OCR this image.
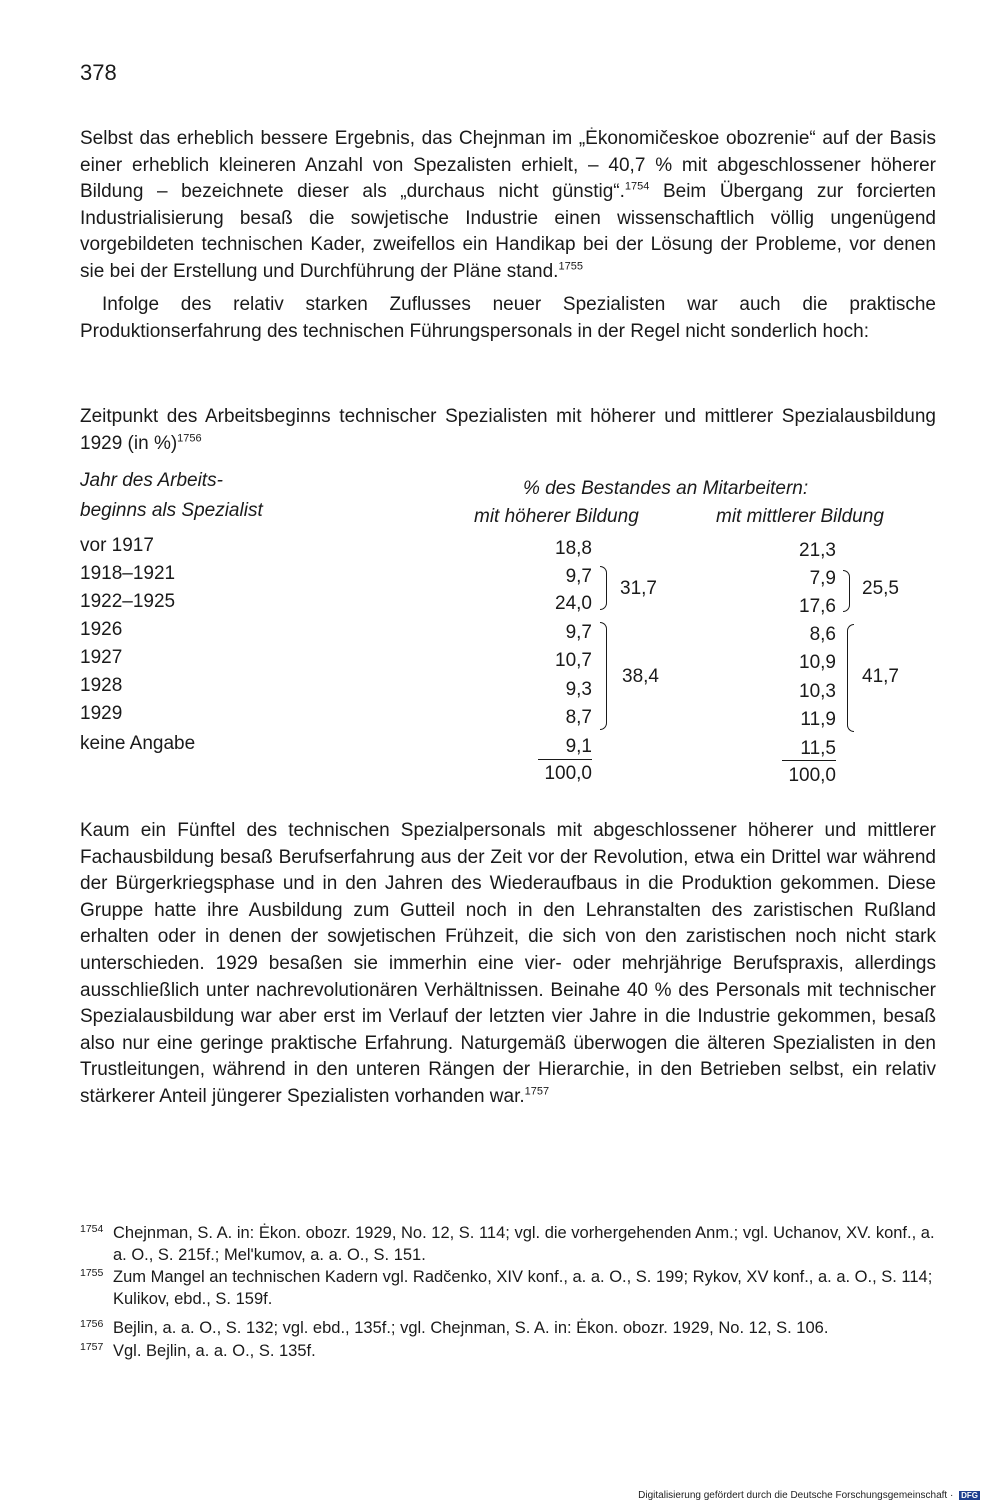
378

Selbst das erheblich bessere Ergebnis, das Chejnman im „Ėkonomičeskoe obozrenie“ auf der Basis einer erheblich kleineren Anzahl von Spezalisten erhielt, – 40,7 % mit abgeschlossener höherer Bildung – bezeichnete dieser als „durchaus nicht günstig“.$^{1754}$ Beim Übergang zur forcierten Industrialisierung besaß die sowjetische Industrie einen wissenschaftlich völlig ungenügend vorgebildeten technischen Kader, zweifellos ein Handikap bei der Lösung der Probleme, vor denen sie bei der Erstellung und Durchführung der Pläne stand.$^{1755}$

Infolge des relativ starken Zuflusses neuer Spezialisten war auch die praktische Produktionserfahrung des technischen Führungspersonals in der Regel nicht sonderlich hoch:

Zeitpunkt des Arbeitsbeginns technischer Spezialisten mit höherer und mittlerer Spezialausbildung 1929 (in %)$^{1756}$

Jahr des Arbeits-
beginns als Spezialist
% des Bestandes an Mitarbeitern:
mit höherer Bildung	mit mittlerer Bildung
vor 1917
1918–1921
1922–1925
1926
1927
1928
1929
keine Angabe
18,8
9,7
24,0
9,7
10,7
9,3
8,7
9,1
100,0
31,7
38,4
21,3
7,9
17,6
8,6
10,9
10,3
11,9
11,5
100,0
25,5
41,7

Kaum ein Fünftel des technischen Spezialpersonals mit abgeschlossener höherer und mittlerer Fachausbildung besaß Berufserfahrung aus der Zeit vor der Revolution, etwa ein Drittel war während der Bürgerkriegsphase und in den Jahren des Wiederaufbaus in die Produktion gekommen. Diese Gruppe hatte ihre Ausbildung zum Gutteil noch in den Lehranstalten des zaristischen Rußland erhalten oder in denen der sowjetischen Frühzeit, die sich von den zaristischen noch nicht stark unterschieden. 1929 besaßen sie immerhin eine vier- oder mehrjährige Berufspraxis, allerdings ausschließlich unter nachrevolutionären Verhältnissen. Beinahe 40 % des Personals mit technischer Spezialausbildung war aber erst im Verlauf der letzten vier Jahre in die Industrie gekommen, besaß also nur eine geringe praktische Erfahrung. Naturgemäß überwogen die älteren Spezialisten in den Trustleitungen, während in den unteren Rängen der Hierarchie, in den Betrieben selbst, ein relativ stärkerer Anteil jüngerer Spezialisten vorhanden war.$^{1757}$

1754 Chejnman, S. A. in: Ėkon. obozr. 1929, No. 12, S. 114; vgl. die vorhergehenden Anm.; vgl. Uchanov, XV. konf., a. a. O., S. 215f.; Mel'kumov, a. a. O., S. 151.
1755 Zum Mangel an technischen Kadern vgl. Radčenko, XIV konf., a. a. O., S. 199; Rykov, XV konf., a. a. O., S. 114; Kulikov, ebd., S. 159f.
1756 Bejlin, a. a. O., S. 132; vgl. ebd., 135f.; vgl. Chejnman, S. A. in: Ėkon. obozr. 1929, No. 12, S. 106.
1757 Vgl. Bejlin, a. a. O., S. 135f.
Digitalisierung gefördert durch die Deutsche Forschungsgemeinschaft · DFG
